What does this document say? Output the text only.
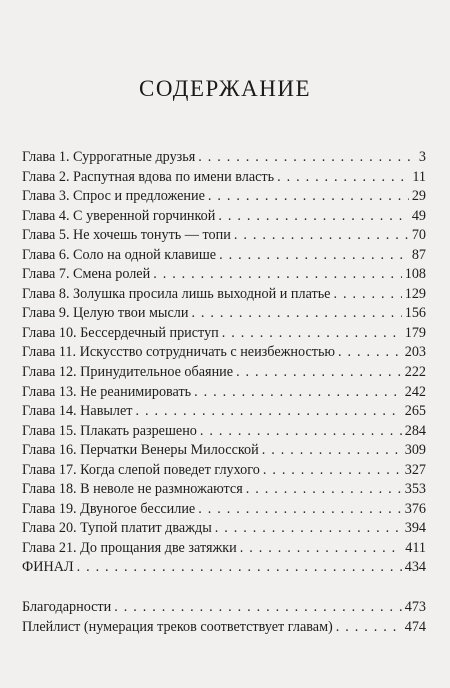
СОДЕРЖАНИЕ
Глава 1. Суррогатные друзья . . .	3
Глава 2. Распутная вдова по имени власть . . .	11
Глава 3. Спрос и предложение . . .	29
Глава 4. С уверенной горчинкой . . .	49
Глава 5. Не хочешь тонуть — топи . . .	70
Глава 6. Соло на одной клавише . . .	87
Глава 7. Смена ролей . . .	108
Глава 8. Золушка просила лишь выходной и платье . . .	129
Глава 9. Целую твои мысли . . .	156
Глава 10. Бессердечный приступ . . .	179
Глава 11. Искусство сотрудничать с неизбежностью . . .	203
Глава 12. Принудительное обаяние . . .	222
Глава 13. Не реанимировать . . .	242
Глава 14. Навылет . . .	265
Глава 15. Плакать разрешено . . .	284
Глава 16. Перчатки Венеры Милосской . . .	309
Глава 17. Когда слепой поведет глухого . . .	327
Глава 18. В неволе не размножаются . . .	353
Глава 19. Двуногое бессилие . . .	376
Глава 20. Тупой платит дважды . . .	394
Глава 21. До прощания две затяжки . . .	411
ФИНАЛ . . .	434
Благодарности . . .	473
Плейлист (нумерация треков соответствует главам) . . .	474
